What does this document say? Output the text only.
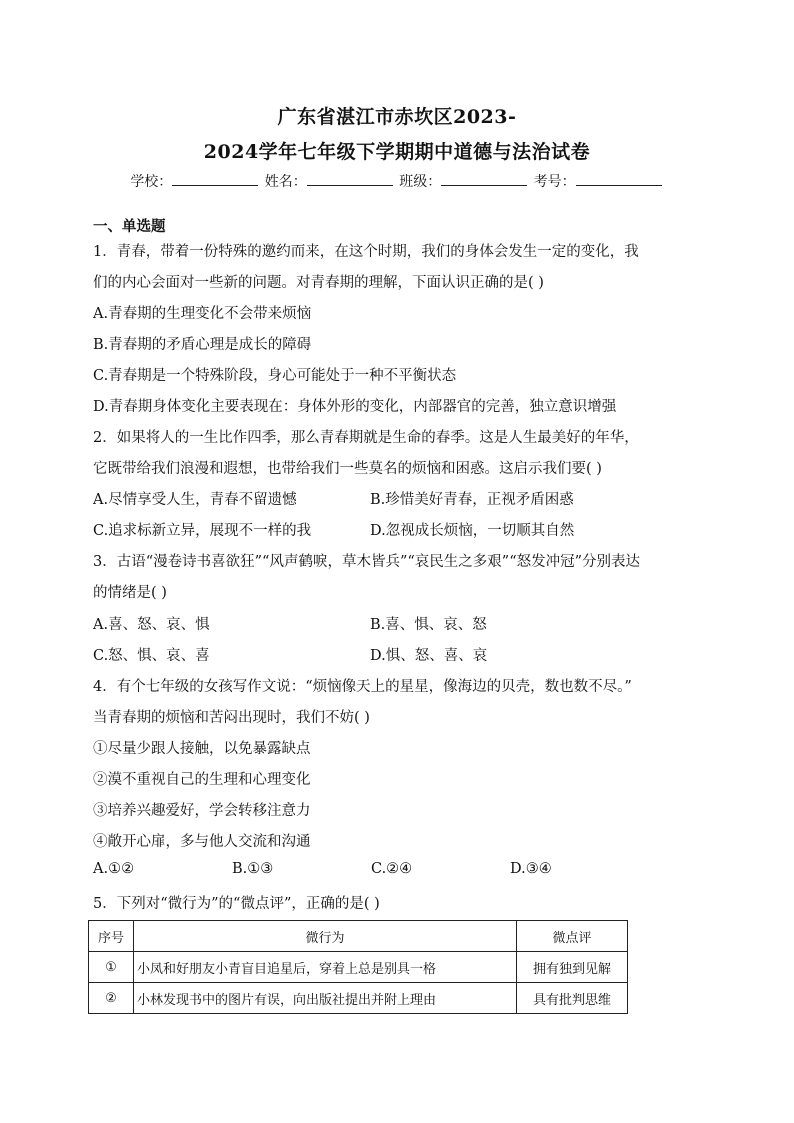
广东省湛江市赤坎区2023-
2024学年七年级下学期期中道德与法治试卷
学校：	姓名：	班级：	考号：
一、单选题
1．青春，带着一份特殊的邀约而来，在这个时期，我们的身体会发生一定的变化，我
们的内心会面对一些新的问题。对青春期的理解，下面认识正确的是( )
A.青春期的生理变化不会带来烦恼
B.青春期的矛盾心理是成长的障碍
C.青春期是一个特殊阶段，身心可能处于一种不平衡状态
D.青春期身体变化主要表现在：身体外形的变化，内部器官的完善，独立意识增强
2．如果将人的一生比作四季，那么青春期就是生命的春季。这是人生最美好的年华，
它既带给我们浪漫和遐想，也带给我们一些莫名的烦恼和困惑。这启示我们要( )
A.尽情享受人生，青春不留遗憾	B.珍惜美好青春，正视矛盾困惑
C.追求标新立异，展现不一样的我	D.忽视成长烦恼，一切顺其自然
3．古语“漫卷诗书喜欲狂”“风声鹤唳，草木皆兵”“哀民生之多艰”“怒发冲冠”分别表达
的情绪是( )
A.喜、怒、哀、惧	B.喜、惧、哀、怒
C.怒、惧、哀、喜	D.惧、怒、喜、哀
4．有个七年级的女孩写作文说：“烦恼像天上的星星，像海边的贝壳，数也数不尽。”
当青春期的烦恼和苦闷出现时，我们不妨( )
①尽量少跟人接触，以免暴露缺点
②漠不重视自己的生理和心理变化
③培养兴趣爱好，学会转移注意力
④敞开心扉，多与他人交流和沟通
A.①②	B.①③	C.②④	D.③④
5．下列对“微行为”的“微点评”，正确的是( )
序号	微行为	微点评
①	小凤和好朋友小青盲目追星后，穿着上总是别具一格	拥有独到见解
②	小林发现书中的图片有误，向出版社提出并附上理由	具有批判思维
